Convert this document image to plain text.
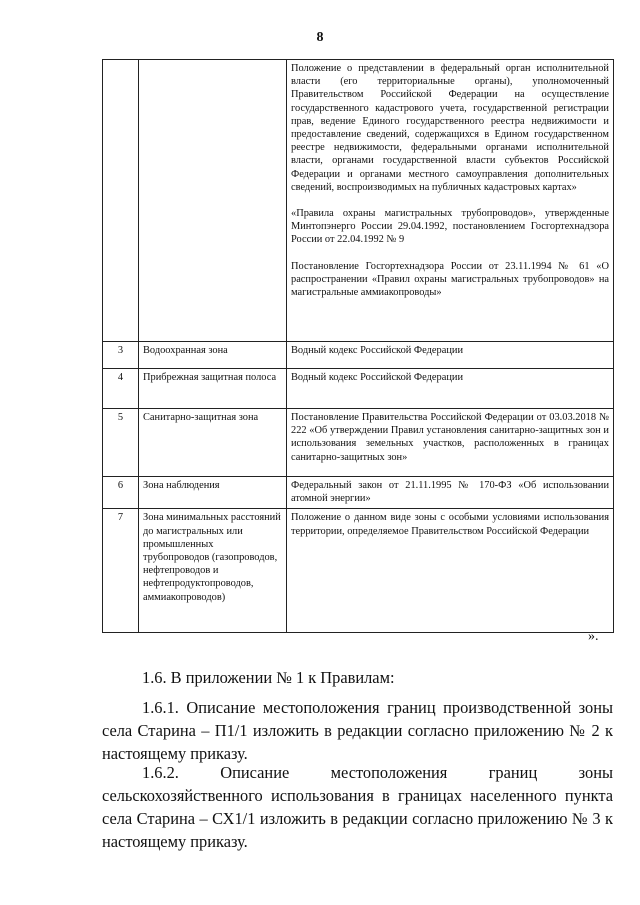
8

		Положение о представлении в федеральный орган исполнительной власти (его территориальные органы), уполномоченный Правительством Российской Федерации на осуществление государственного кадастрового учета, государственной регистрации прав, ведение Единого государственного реестра недвижимости и предоставление сведений, содержащихся в Едином государственном реестре недвижимости, федеральными органами исполнительной власти, органами государственной власти субъектов Российской Федерации и органами местного самоуправления дополнительных сведений, воспроизводимых на публичных кадастровых картах»

«Правила охраны магистральных трубопроводов», утвержденные Минтопэнерго России 29.04.1992, постановлением Госгортехнадзора России от 22.04.1992 № 9

Постановление Госгортехнадзора России от 23.11.1994 № 61 «О распространении «Правил охраны магистральных трубопроводов» на магистральные аммиакопроводы»

3	Водоохранная зона	Водный кодекс Российской Федерации

4	Прибрежная защитная полоса	Водный кодекс Российской Федерации

5	Санитарно-защитная зона	Постановление Правительства Российской Федерации от 03.03.2018 № 222 «Об утверждении Правил установления санитарно-защитных зон и использования земельных участков, расположенных в границах санитарно-защитных зон»

6	Зона наблюдения	Федеральный закон от 21.11.1995 № 170-ФЗ «Об использовании атомной энергии»

7	Зона минимальных расстояний до магистральных или промышленных трубопроводов (газопроводов, нефтепроводов и нефтепродуктопроводов, аммиакопроводов)	Положение о данном виде зоны с особыми условиями использования территории, определяемое Правительством Российской Федерации

».

1.6. В приложении № 1 к Правилам:

1.6.1. Описание местоположения границ производственной зоны села Старина – П1/1 изложить в редакции согласно приложению № 2 к настоящему приказу.

1.6.2. Описание местоположения границ зоны сельскохозяйственного использования в границах населенного пункта села Старина – СХ1/1 изложить в редакции согласно приложению № 3 к настоящему приказу.
